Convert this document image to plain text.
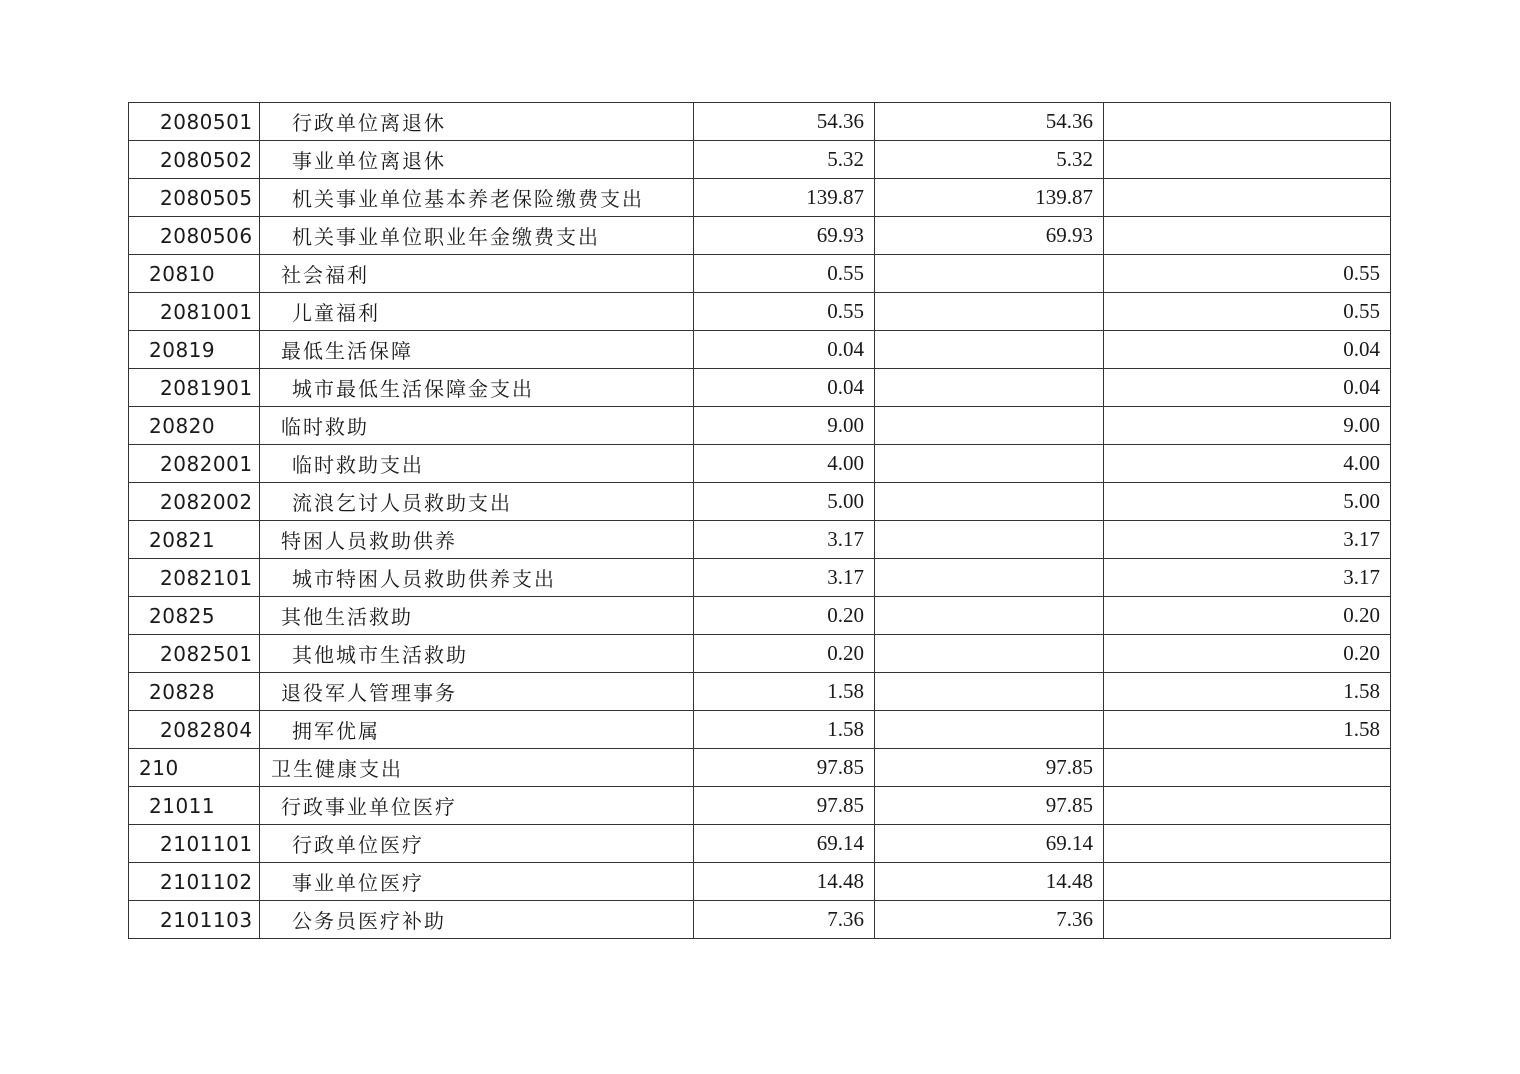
2080501	行政单位离退休	54.36	54.36	
2080502	事业单位离退休	5.32	5.32	
2080505	机关事业单位基本养老保险缴费支出	139.87	139.87	
2080506	机关事业单位职业年金缴费支出	69.93	69.93	
20810	社会福利	0.55		0.55
2081001	儿童福利	0.55		0.55
20819	最低生活保障	0.04		0.04
2081901	城市最低生活保障金支出	0.04		0.04
20820	临时救助	9.00		9.00
2082001	临时救助支出	4.00		4.00
2082002	流浪乞讨人员救助支出	5.00		5.00
20821	特困人员救助供养	3.17		3.17
2082101	城市特困人员救助供养支出	3.17		3.17
20825	其他生活救助	0.20		0.20
2082501	其他城市生活救助	0.20		0.20
20828	退役军人管理事务	1.58		1.58
2082804	拥军优属	1.58		1.58
210	卫生健康支出	97.85	97.85	
21011	行政事业单位医疗	97.85	97.85	
2101101	行政单位医疗	69.14	69.14	
2101102	事业单位医疗	14.48	14.48	
2101103	公务员医疗补助	7.36	7.36	
